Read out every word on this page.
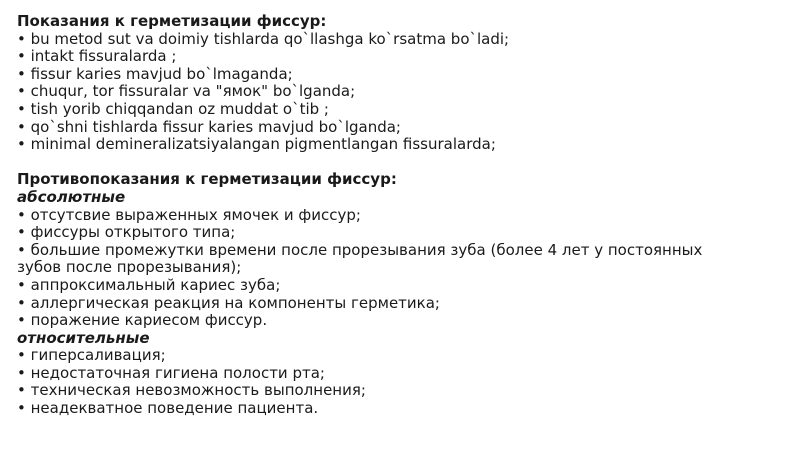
Показания к герметизации фиссур:
• bu metod sut va doimiy tishlarda qo`llashga ko`rsatma bo`ladi;
• intakt fissuralarda ;
• fissur karies mavjud bo`lmaganda;
• chuqur, tor fissuralar va "ямок" bo`lganda;
• tish yorib chiqqandan oz muddat o`tib ;
• qo`shni tishlarda fissur karies mavjud bo`lganda;
• minimal demineralizatsiyalangan pigmentlangan fissuralarda;
Противопоказания к герметизации фиссур:
абсолютные
• отсутсвие выраженных ямочек и фиссур;
• фиссуры открытого типа;
• большие промежутки времени после прорезывания зуба (более 4 лет у постоянных
зубов после прорезывания);
• аппроксимальный кариес зуба;
• аллергическая реакция на компоненты герметика;
• поражение кариесом фиссур.
относительные
• гиперсаливация;
• недостаточная гигиена полости рта;
• техническая невозможность выполнения;
• неадекватное поведение пациента.
